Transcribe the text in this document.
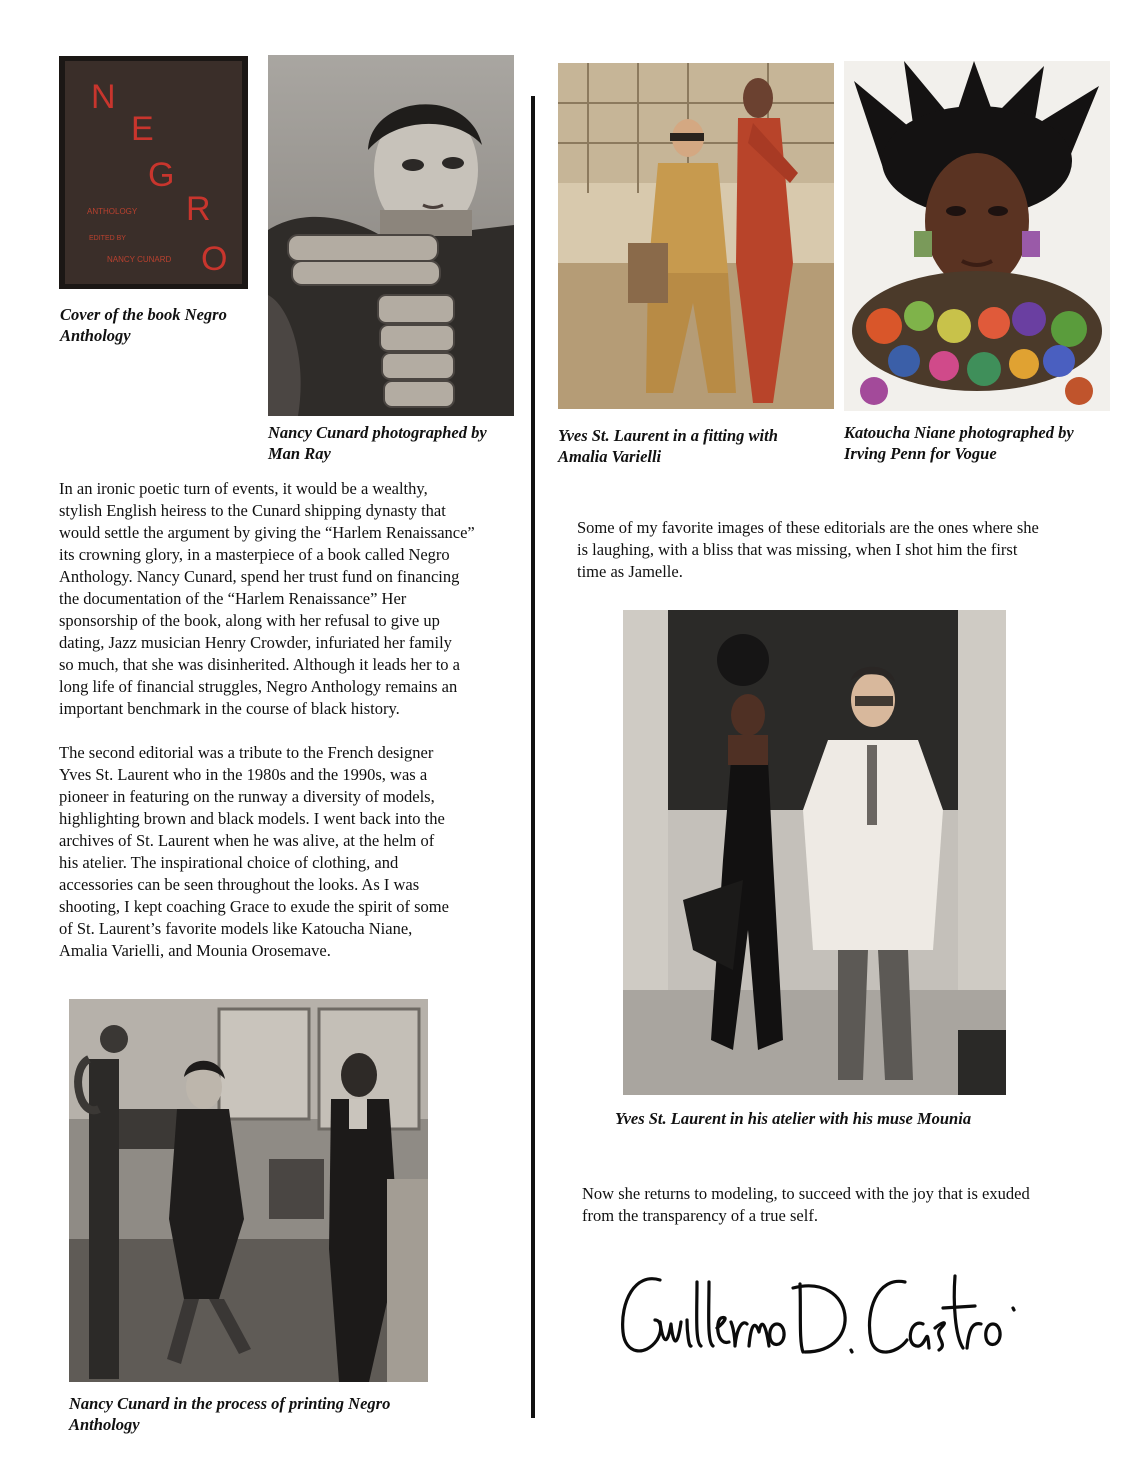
N
E
G
R
O
ANTHOLOGY
EDITED BY
NANCY CUNARD
Cover of the book Negro
Anthology
Nancy Cunard photographed by
Man Ray
In an ironic poetic turn of events, it would be a wealthy,
stylish English heiress to the Cunard shipping dynasty that
would settle the argument by giving the “Harlem Renaissance”
its crowning glory, in a masterpiece of a book called Negro
Anthology. Nancy Cunard, spend her trust fund on financing
the documentation of the “Harlem Renaissance” Her
sponsorship of the book, along with her refusal to give up
dating, Jazz musician Henry Crowder, infuriated her family
so much, that she was disinherited. Although it leads her to a
long life of financial struggles, Negro Anthology remains an
important benchmark in the course of black history.
The second editorial was a tribute to the French designer
Yves St. Laurent who in the 1980s and the 1990s, was a
pioneer in featuring on the runway a diversity of models,
highlighting brown and black models. I went back into the
archives of St. Laurent when he was alive, at the helm of
his atelier. The inspirational choice of clothing, and
accessories can be seen throughout the looks. As I was
shooting, I kept coaching Grace to exude the spirit of some
of St. Laurent’s favorite models like Katoucha Niane,
Amalia Varielli, and Mounia Orosemave.
Nancy Cunard in the process of printing Negro
Anthology
Yves St. Laurent in a fitting with
Amalia Varielli
Katoucha Niane photographed by
Irving Penn for Vogue
Some of my favorite images of these editorials are the ones where she
is laughing, with a bliss that was missing, when I shot him the first
time as Jamelle.
Yves St. Laurent in his atelier with his muse Mounia
Now she returns to modeling, to succeed with the joy that is exuded
from the transparency of a true self.
